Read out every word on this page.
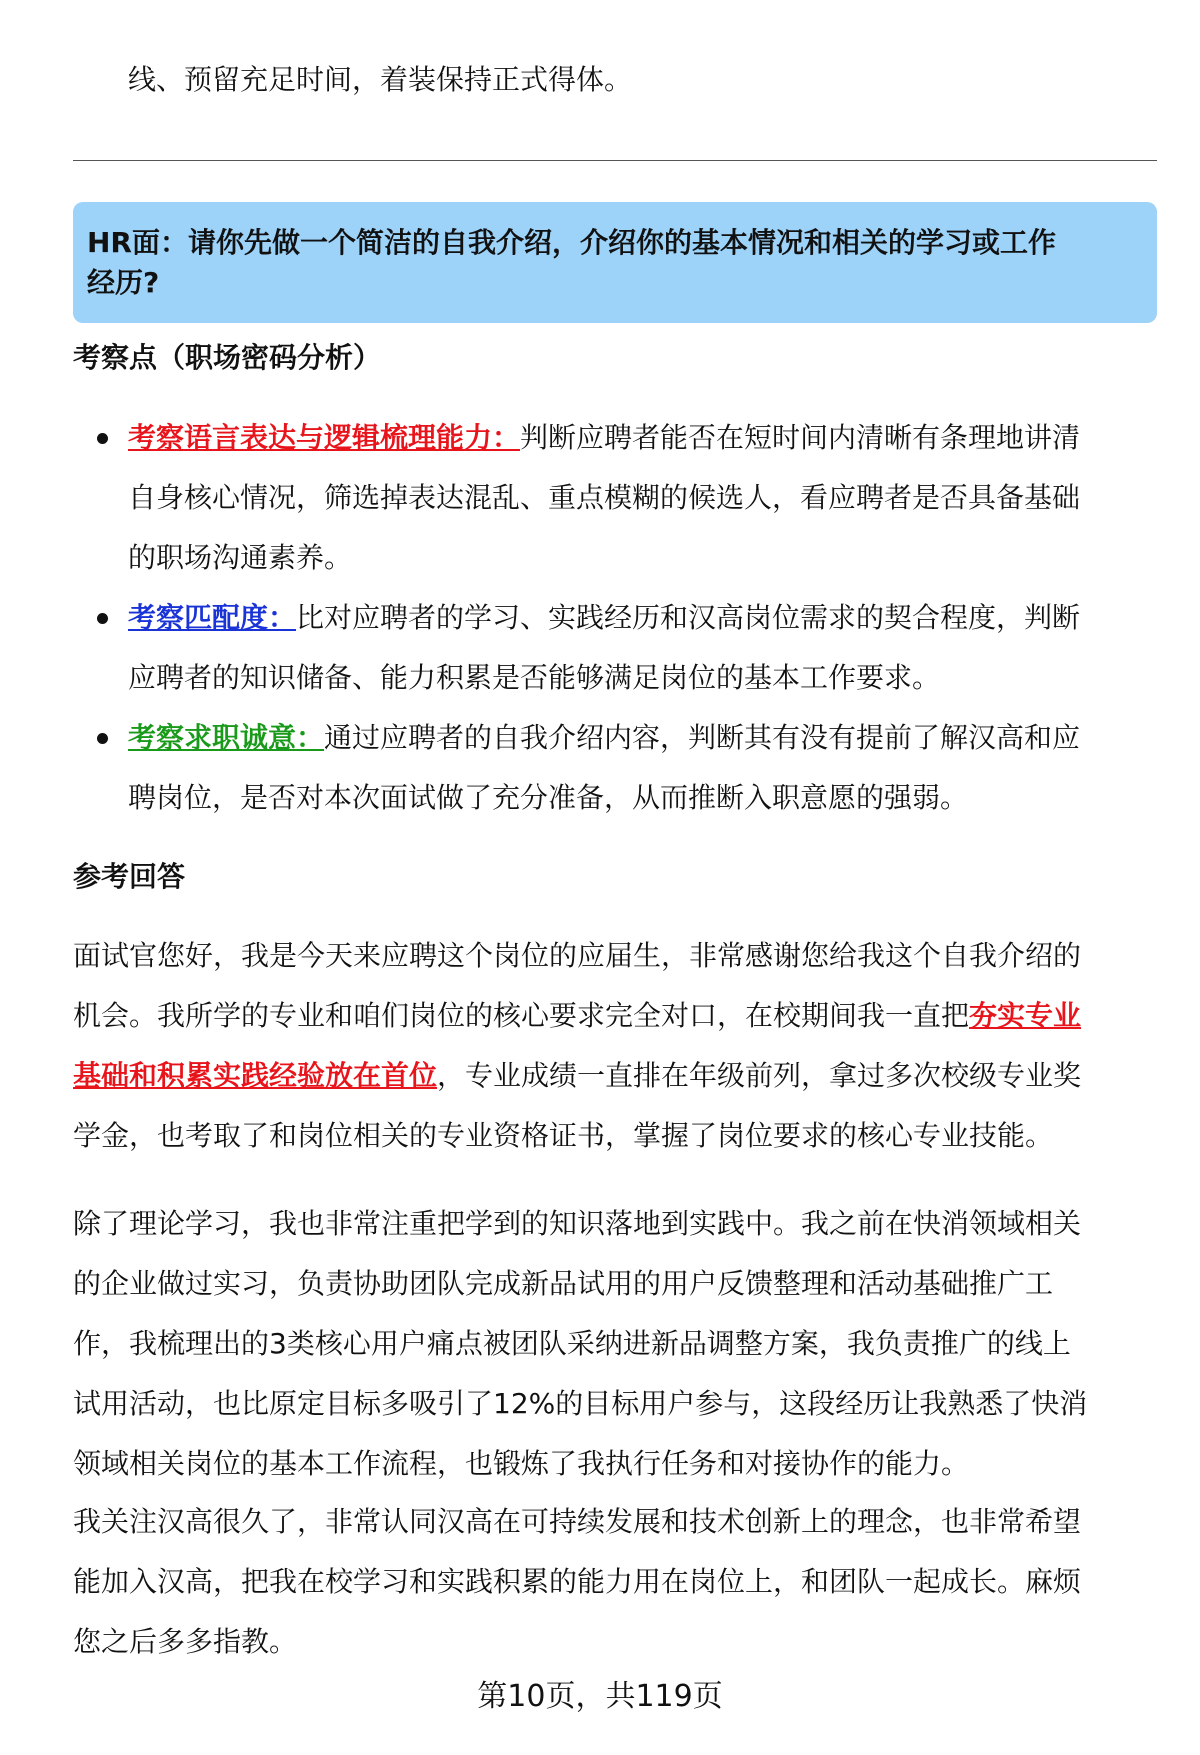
线、预留充足时间，着装保持正式得体。
HR面：请你先做一个简洁的自我介绍，介绍你的基本情况和相关的学习或工作
经历?
考察点（职场密码分析）
考察语言表达与逻辑梳理能力：判断应聘者能否在短时间内清晰有条理地讲清
自身核心情况，筛选掉表达混乱、重点模糊的候选人，看应聘者是否具备基础
的职场沟通素养。
考察匹配度：比对应聘者的学习、实践经历和汉高岗位需求的契合程度，判断
应聘者的知识储备、能力积累是否能够满足岗位的基本工作要求。
考察求职诚意：通过应聘者的自我介绍内容，判断其有没有提前了解汉高和应
聘岗位，是否对本次面试做了充分准备，从而推断入职意愿的强弱。
参考回答
面试官您好，我是今天来应聘这个岗位的应届生，非常感谢您给我这个自我介绍的
机会。我所学的专业和咱们岗位的核心要求完全对口，在校期间我一直把夯实专业
基础和积累实践经验放在首位，专业成绩一直排在年级前列，拿过多次校级专业奖
学金，也考取了和岗位相关的专业资格证书，掌握了岗位要求的核心专业技能。
除了理论学习，我也非常注重把学到的知识落地到实践中。我之前在快消领域相关
的企业做过实习，负责协助团队完成新品试用的用户反馈整理和活动基础推广工
作，我梳理出的3类核心用户痛点被团队采纳进新品调整方案，我负责推广的线上
试用活动，也比原定目标多吸引了12%的目标用户参与，这段经历让我熟悉了快消
领域相关岗位的基本工作流程，也锻炼了我执行任务和对接协作的能力。
我关注汉高很久了，非常认同汉高在可持续发展和技术创新上的理念，也非常希望
能加入汉高，把我在校学习和实践积累的能力用在岗位上，和团队一起成长。麻烦
您之后多多指教。
第10页，共119页
